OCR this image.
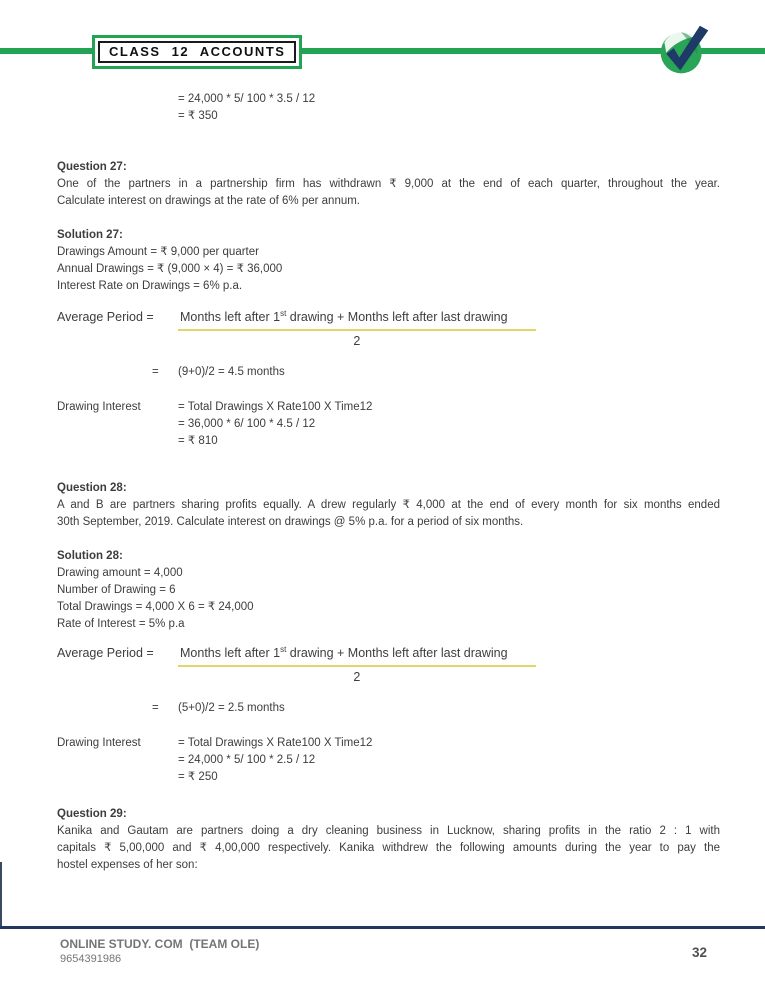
CLASS 12 ACCOUNTS
= 24,000 * 5/ 100 * 3.5 / 12
= ₹ 350
Question 27:
One of the partners in a partnership firm has withdrawn ₹ 9,000 at the end of each quarter, throughout the year.
Calculate interest on drawings at the rate of 6% per annum.
Solution 27:
Drawings Amount = ₹ 9,000 per quarter
Annual Drawings = ₹ (9,000 × 4) = ₹ 36,000
Interest Rate on Drawings = 6% p.a.
Average Period =	Months left after 1st drawing + Months left after last drawing
2
=	(9+0)/2 = 4.5 months
Drawing Interest	= Total Drawings X Rate100 X Time12
= 36,000 * 6/ 100 * 4.5 / 12
= ₹ 810
Question 28:
A and B are partners sharing profits equally. A drew regularly ₹ 4,000 at the end of every month for six months ended
30th September, 2019. Calculate interest on drawings @ 5% p.a. for a period of six months.
Solution 28:
Drawing amount = 4,000
Number of Drawing = 6
Total Drawings = 4,000 X 6 = ₹ 24,000
Rate of Interest = 5% p.a
Average Period =	Months left after 1st drawing + Months left after last drawing
2
=	(5+0)/2 = 2.5 months
Drawing Interest	= Total Drawings X Rate100 X Time12
= 24,000 * 5/ 100 * 2.5 / 12
= ₹ 250
Question 29:
Kanika and Gautam are partners doing a dry cleaning business in Lucknow, sharing profits in the ratio 2 : 1 with
capitals ₹ 5,00,000 and ₹ 4,00,000 respectively. Kanika withdrew the following amounts during the year to pay the
hostel expenses of her son:
ONLINE STUDY. COM  (TEAM OLE)
9654391986	32
